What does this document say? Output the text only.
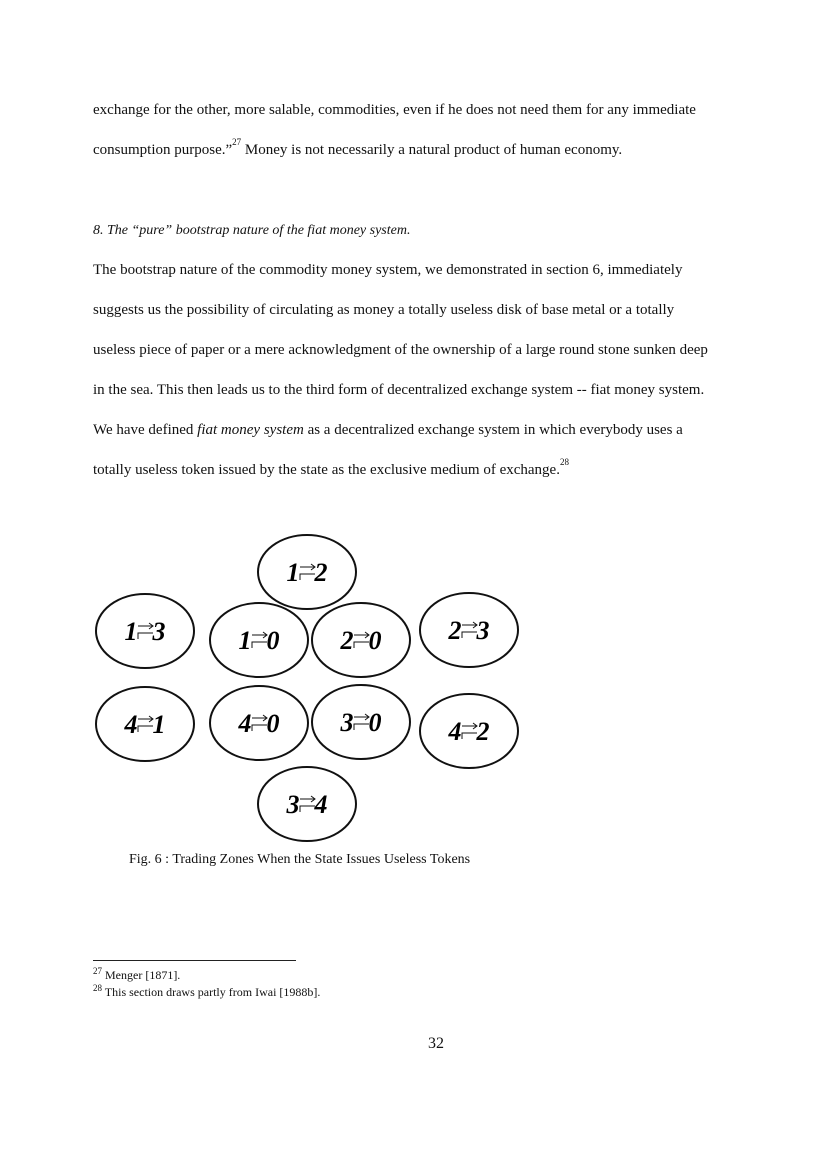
exchange for the other, more salable, commodities, even if he does not need them for any immediate

consumption purpose.”$^{27}$ Money is not necessarily a natural product of human economy.

8. The “pure” bootstrap nature of the fiat money system.

The bootstrap nature of the commodity money system, we demonstrated in section 6, immediately

suggests us the possibility of circulating as money a totally useless disk of base metal or a totally

useless piece of paper or a mere acknowledgment of the ownership of a large round stone sunken deep

in the sea. This then leads us to the third form of decentralized exchange system -- fiat money system.

We have defined fiat money system as a decentralized exchange system in which everybody uses a

totally useless token issued by the state as the exclusive medium of exchange.$^{28}$

1 2
1 3	1 0 2 0	2 3
4 1	4 0 3 0	4 2
3 4
Fig. 6 : Trading Zones When the State Issues Useless Tokens
$^{27}$ Menger [1871].
$^{28}$ This section draws partly from Iwai [1988b].
32
